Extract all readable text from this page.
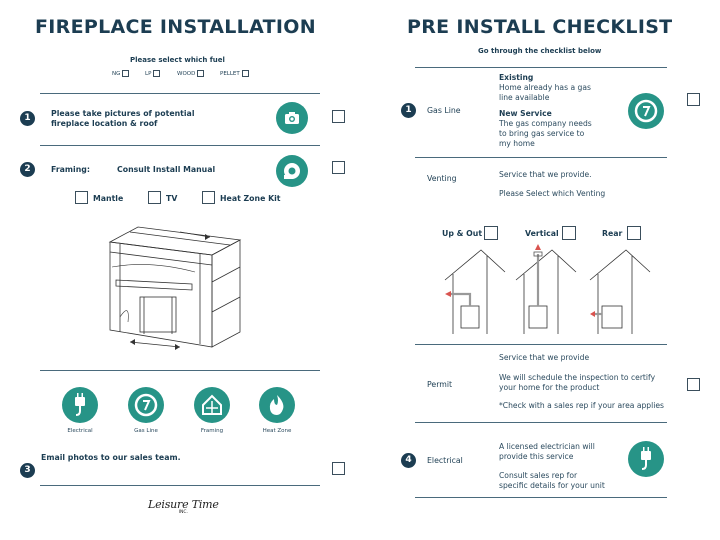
FIREPLACE INSTALLATION
Please select which fuel
NG	LP	WOOD	PELLET
1	Please take pictures of potential
fireplace location & roof
2	Framing:	Consult Install Manual
Mantle	TV	Heat Zone Kit
Electrical	Gas Line	Framing	Heat Zone
Email photos to our sales team.
3
Leisure Time
INC.
PRE INSTALL CHECKLIST
Go through the checklist below
1	Gas Line
Existing
Home already has a gas
line available
New Service
The gas company needs
to bring gas service to
my home
Venting	Service that we provide.
Please Select which Venting
Up & Out	Vertical	Rear
Permit
Service that we provide
We will schedule the inspection to certify
your home for the product
*Check with a sales rep if your area applies
4	Electrical
A licensed electrician will
provide this service
Consult sales rep for
specific details for your unit
